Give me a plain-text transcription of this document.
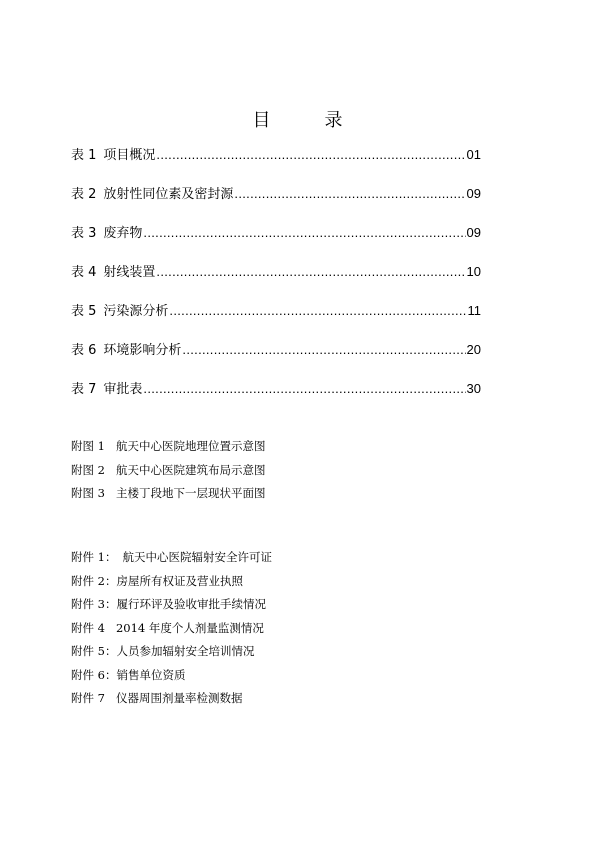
目　录
表 1 项目概况 .....	01
表 2 放射性同位素及密封源 .....	09
表 3 废弃物 .....	09
表 4 射线装置 .....	10
表 5 污染源分析 .....	11
表 6 环境影响分析 .....	20
表 7 审批表 .....	30
附图 1 航天中心医院地理位置示意图
附图 2 航天中心医院建筑布局示意图
附图 3 主楼丁段地下一层现状平面图
附件 1： 航天中心医院辐射安全许可证
附件 2：房屋所有权证及营业执照
附件 3：履行环评及验收审批手续情况
附件 4 2014 年度个人剂量监测情况
附件 5：人员参加辐射安全培训情况
附件 6：销售单位资质
附件 7 仪器周围剂量率检测数据
